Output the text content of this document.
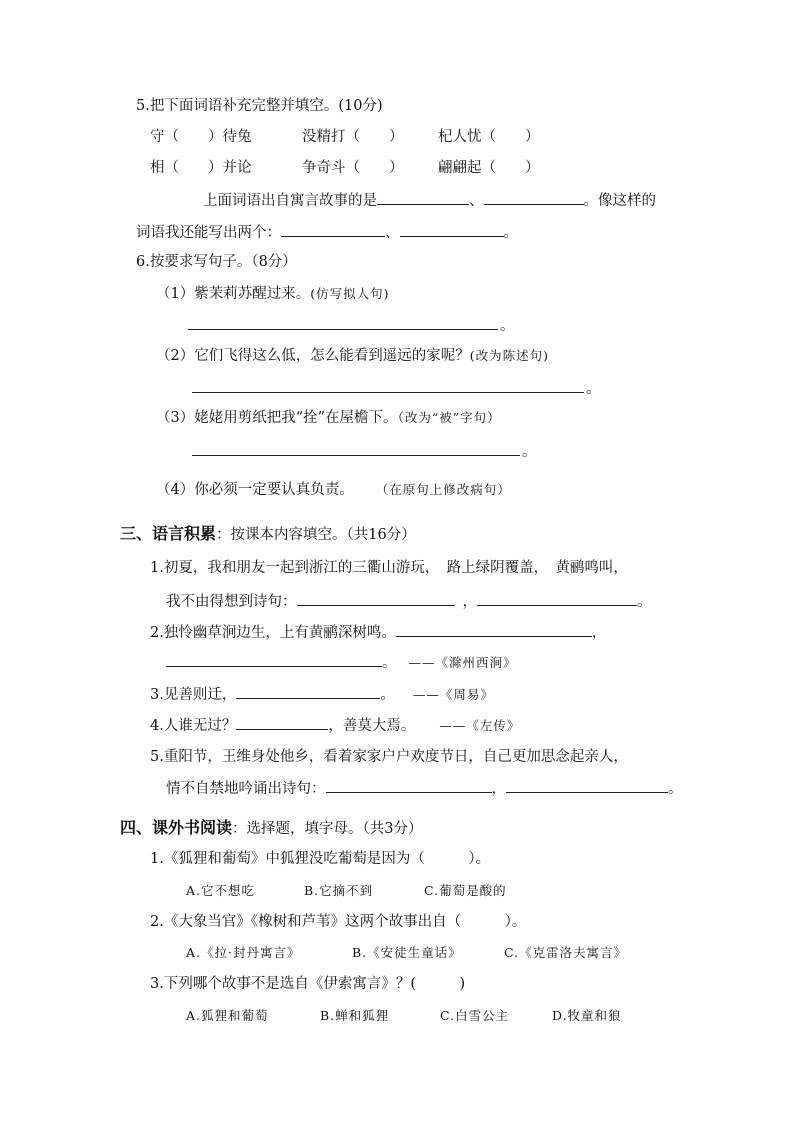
5.把下面词语补充完整并填空。(10分)
守（　　）待兔	没精打（　　） 杞人忧（　　）
相（　　）并论	争奇斗（　　） 翩翩起（　　）
上面词语出自寓言故事的是	、	。像这样的
词语我还能写出两个：	、	。
6.按要求写句子。（8分）
（1）紫茉莉苏醒过来。(仿写拟人句)
。
（2）它们飞得这么低，怎么能看到遥远的家呢？(改为陈述句)
。
（3）姥姥用剪纸把我“拴”在屋檐下。（改为“被”字句）
。
（4）你必须一定要认真负责。 （在原句上修改病句）
三、语言积累：按课本内容填空。（共16分）
1.初夏，我和朋友一起到浙江的三衢山游玩，　路上绿阴覆盖，　黄鹂鸣叫，
我不由得想到诗句：	，	。
2.独怜幽草涧边生，上有黄鹂深树鸣。	，
。 ——《滁州西涧》
3.见善则迁，	。 ——《周易》
4.人谁无过？	，善莫大焉。 ——《左传》
5.重阳节，王维身处他乡，看着家家户户欢度节日，自己更加思念起亲人，
情不自禁地吟诵出诗句：	，	。
四、课外书阅读：选择题，填字母。（共3分）
1.《狐狸和葡萄》中狐狸没吃葡萄是因为（　　　）。
A.它不想吃	B.它摘不到	C.葡萄是酸的
2.《大象当官》《橡树和芦苇》这两个故事出自（　　　）。
A.《拉·封丹寓言》	B.《安徒生童话》	C.《克雷洛夫寓言》
3.下列哪个故事不是选自《伊索寓言》？(　　　)
A.狐狸和葡萄	B.蝉和狐狸	C.白雪公主	D.牧童和狼
